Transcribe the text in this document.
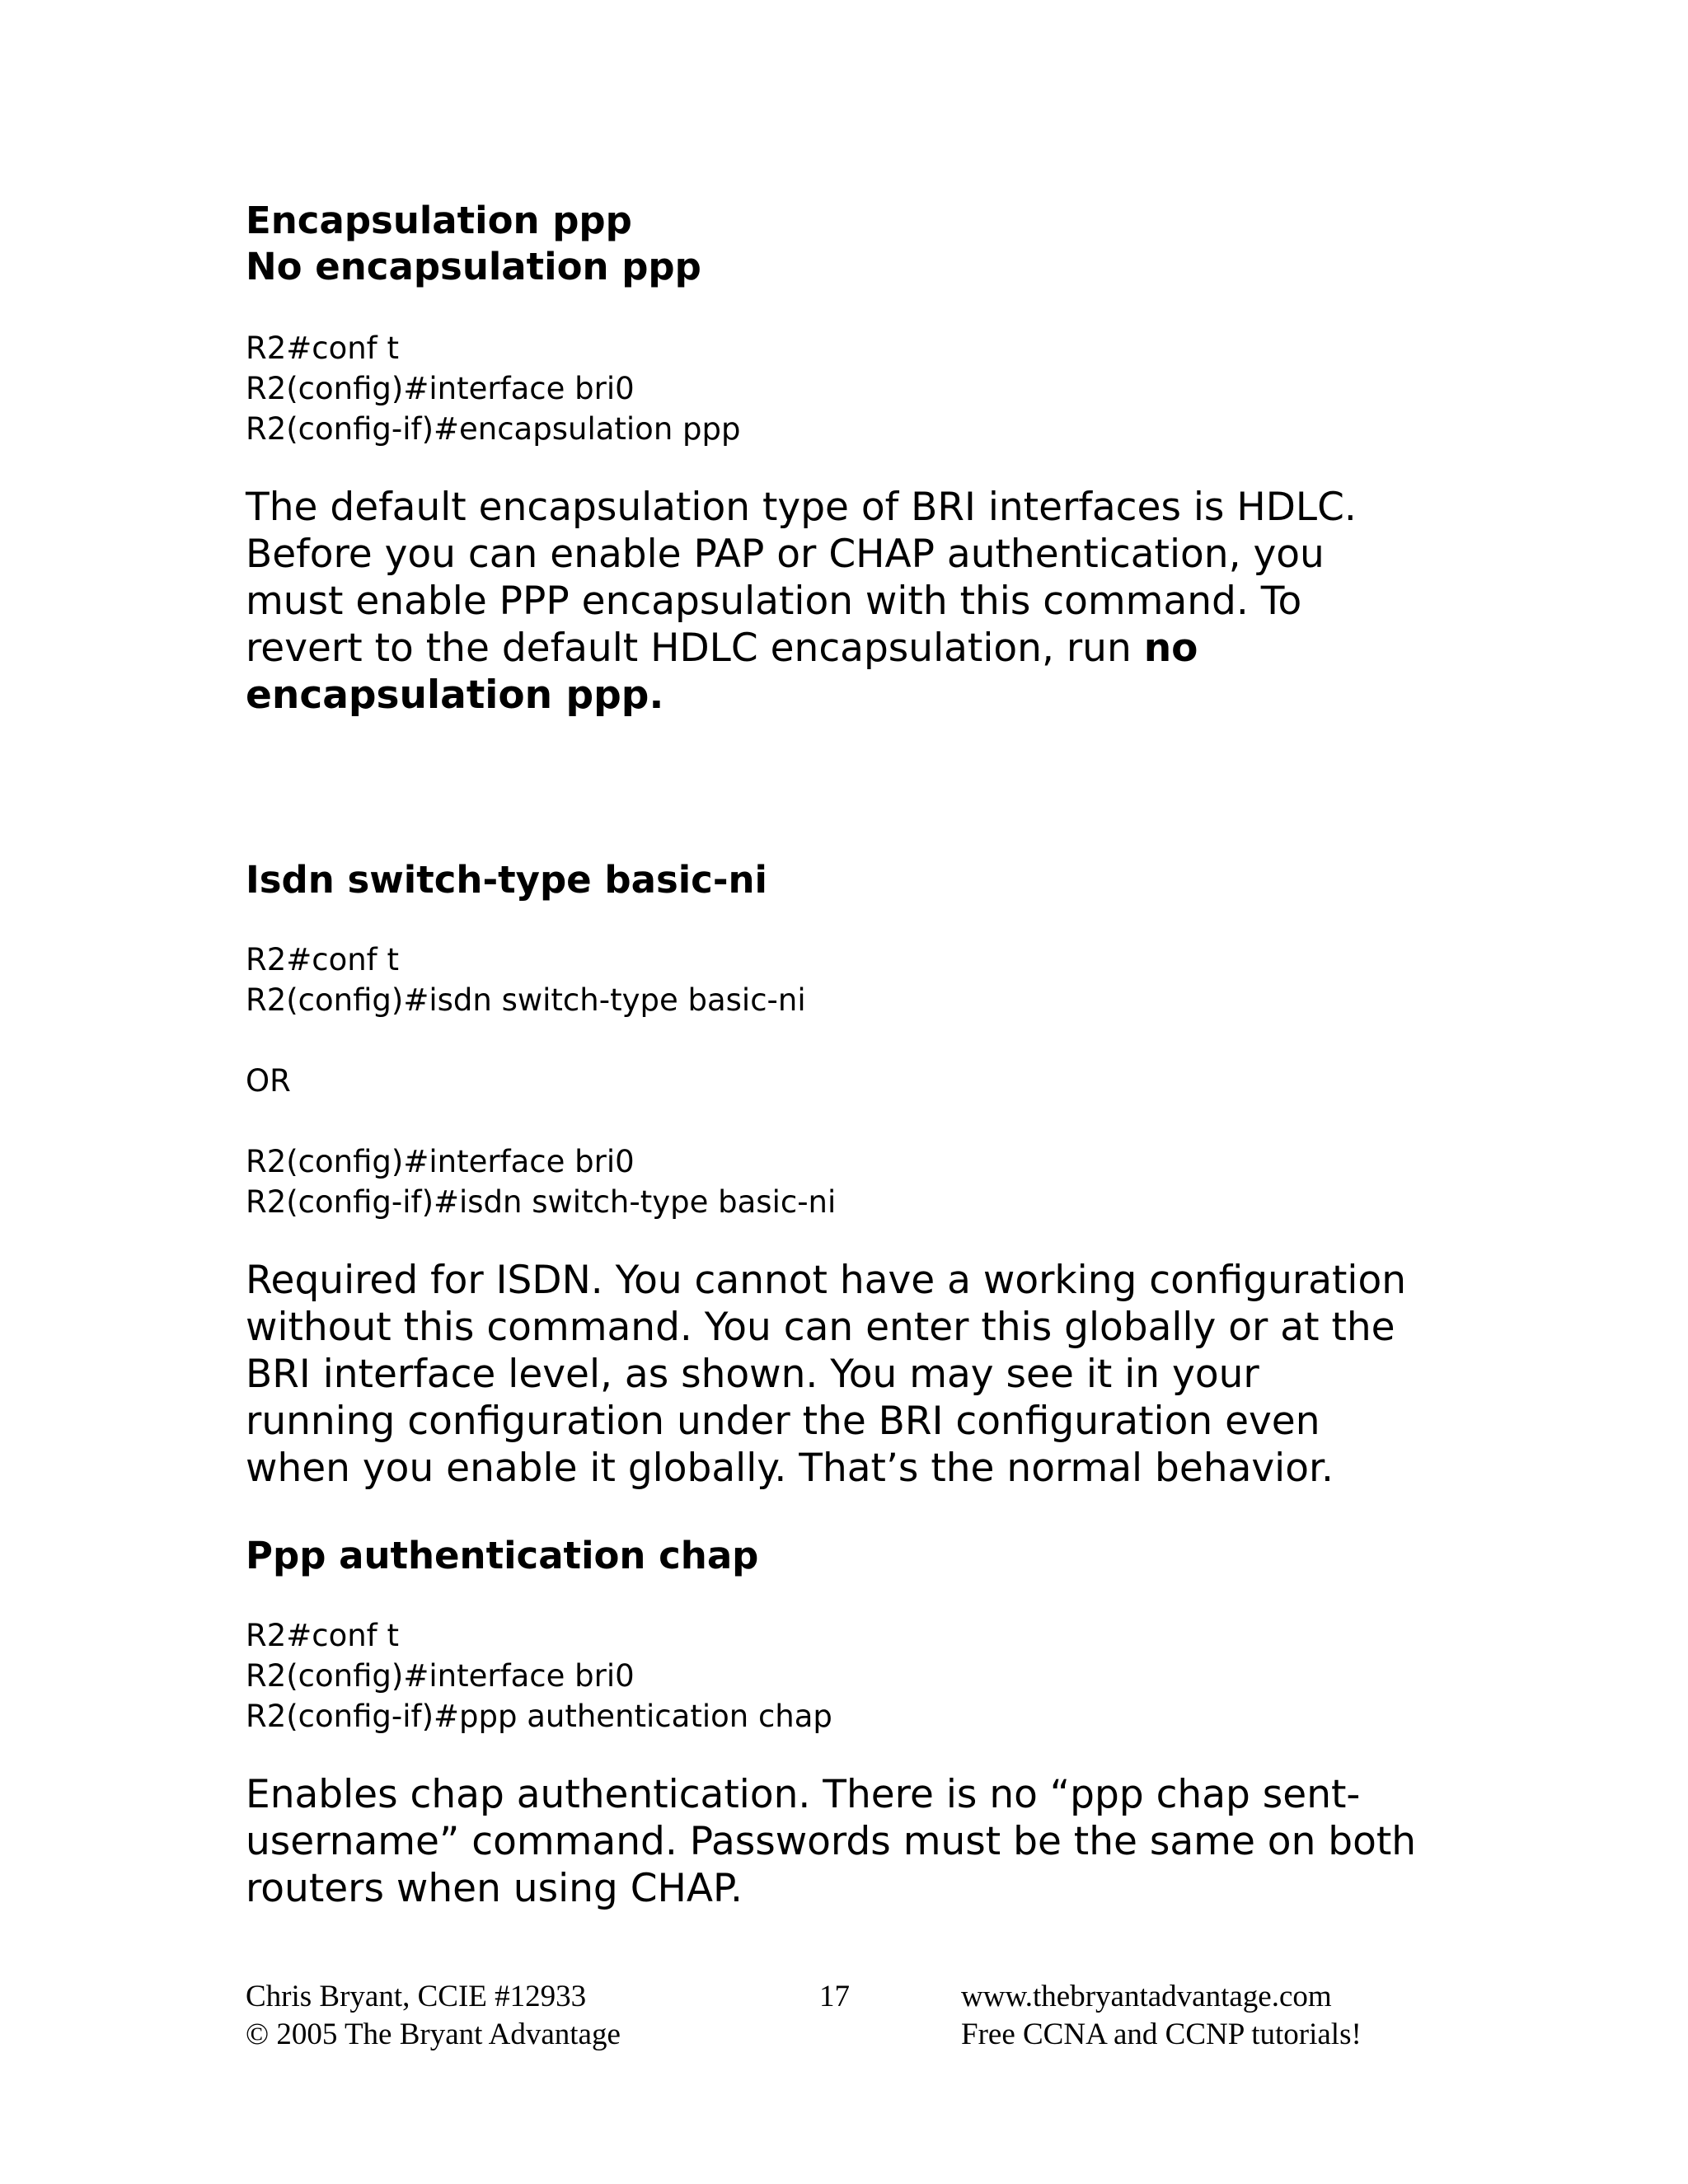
Encapsulation ppp

No encapsulation ppp

R2#conf t

R2(config)#interface bri0

R2(config-if)#encapsulation ppp

The default encapsulation type of BRI interfaces is HDLC.

Before you can enable PAP or CHAP authentication, you

must enable PPP encapsulation with this command. To

revert to the default HDLC encapsulation, run no

encapsulation ppp.

Isdn switch-type basic-ni

R2#conf t

R2(config)#isdn switch-type basic-ni

OR

R2(config)#interface bri0

R2(config-if)#isdn switch-type basic-ni

Required for ISDN. You cannot have a working configuration

without this command. You can enter this globally or at the

BRI interface level, as shown. You may see it in your

running configuration under the BRI configuration even

when you enable it globally. That’s the normal behavior.

Ppp authentication chap

R2#conf t

R2(config)#interface bri0

R2(config-if)#ppp authentication chap

Enables chap authentication. There is no “ppp chap sent-

username” command. Passwords must be the same on both

routers when using CHAP.

Chris Bryant, CCIE #12933
© 2005 The Bryant Advantage
17	www.thebryantadvantage.com
Free CCNA and CCNP tutorials!
